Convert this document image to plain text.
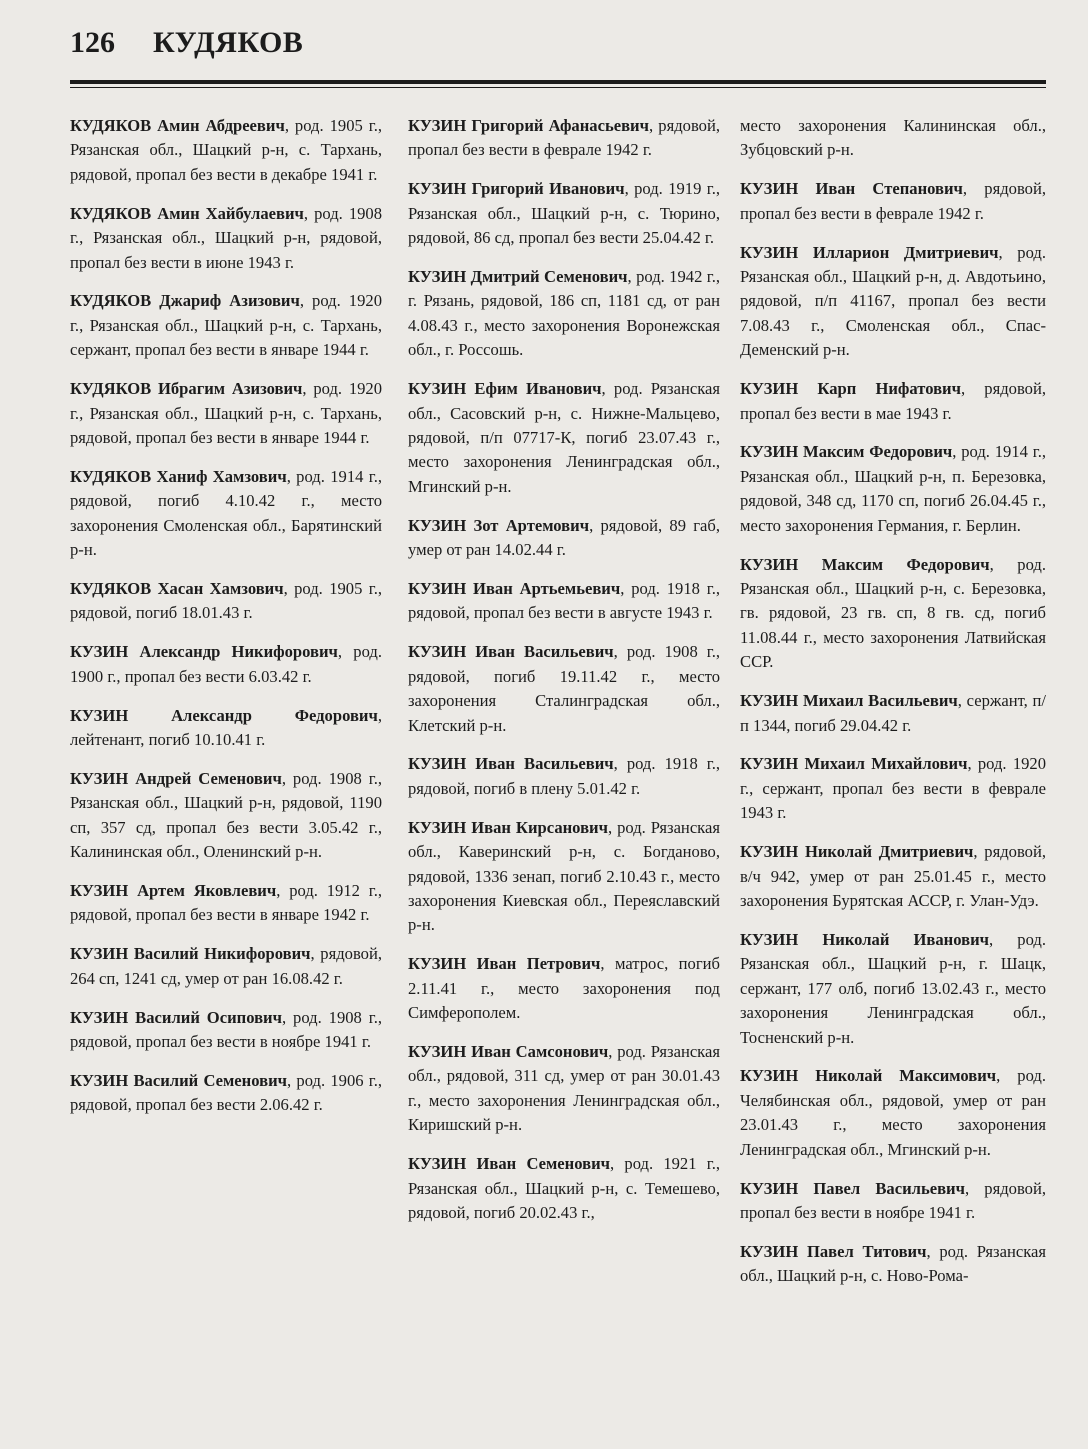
126 КУДЯКОВ

КУДЯКОВ Амин Абдреевич, род. 1905 г., Рязанская обл., Шацкий р-н, с. Тархань, рядовой, пропал без вести в декабре 1941 г.

КУДЯКОВ Амин Хайбулаевич, род. 1908 г., Рязанская обл., Шацкий р-н, рядовой, пропал без вести в июне 1943 г.

КУДЯКОВ Джариф Азизович, род. 1920 г., Рязанская обл., Шацкий р-н, с. Тархань, сержант, пропал без вести в январе 1944 г.

КУДЯКОВ Ибрагим Азизович, род. 1920 г., Рязанская обл., Шацкий р-н, с. Тархань, рядовой, пропал без вести в январе 1944 г.

КУДЯКОВ Ханиф Хамзович, род. 1914 г., рядовой, погиб 4.10.42 г., место захоронения Смоленская обл., Барятинский р-н.

КУДЯКОВ Хасан Хамзович, род. 1905 г., рядовой, погиб 18.01.43 г.

КУЗИН Александр Никифорович, род. 1900 г., пропал без вести 6.03.42 г.

КУЗИН Александр Федорович, лейтенант, погиб 10.10.41 г.

КУЗИН Андрей Семенович, род. 1908 г., Рязанская обл., Шацкий р-н, рядовой, 1190 сп, 357 сд, пропал без вести 3.05.42 г., Калининская обл., Оленинский р-н.

КУЗИН Артем Яковлевич, род. 1912 г., рядовой, пропал без вести в январе 1942 г.

КУЗИН Василий Никифорович, рядовой, 264 сп, 1241 сд, умер от ран 16.08.42 г.

КУЗИН Василий Осипович, род. 1908 г., рядовой, пропал без вести в ноябре 1941 г.

КУЗИН Василий Семенович, род. 1906 г., рядовой, пропал без вести 2.06.42 г.

КУЗИН Григорий Афанасьевич, рядовой, пропал без вести в феврале 1942 г.

КУЗИН Григорий Иванович, род. 1919 г., Рязанская обл., Шацкий р-н, с. Тюрино, рядовой, 86 сд, пропал без вести 25.04.42 г.

КУЗИН Дмитрий Семенович, род. 1942 г., г. Рязань, рядовой, 186 сп, 1181 сд, от ран 4.08.43 г., место захоронения Воронежская обл., г. Россошь.

КУЗИН Ефим Иванович, род. Рязанская обл., Сасовский р-н, с. Нижне-Мальцево, рядовой, п/п 07717-К, погиб 23.07.43 г., место захоронения Ленинградская обл., Мгинский р-н.

КУЗИН Зот Артемович, рядовой, 89 габ, умер от ран 14.02.44 г.

КУЗИН Иван Артьемьевич, род. 1918 г., рядовой, пропал без вести в августе 1943 г.

КУЗИН Иван Васильевич, род. 1908 г., рядовой, погиб 19.11.42 г., место захоронения Сталинградская обл., Клетский р-н.

КУЗИН Иван Васильевич, род. 1918 г., рядовой, погиб в плену 5.01.42 г.

КУЗИН Иван Кирсанович, род. Рязанская обл., Каверинский р-н, с. Богданово, рядовой, 1336 зенап, погиб 2.10.43 г., место захоронения Киевская обл., Переяславский р-н.

КУЗИН Иван Петрович, матрос, погиб 2.11.41 г., место захоронения под Симферополем.

КУЗИН Иван Самсонович, род. Рязанская обл., рядовой, 311 сд, умер от ран 30.01.43 г., место захоронения Ленинградская обл., Киришский р-н.

КУЗИН Иван Семенович, род. 1921 г., Рязанская обл., Шацкий р-н, с. Темешево, рядовой, погиб 20.02.43 г.,

место захоронения Калининская обл., Зубцовский р-н.

КУЗИН Иван Степанович, рядовой, пропал без вести в феврале 1942 г.

КУЗИН Илларион Дмитриевич, род. Рязанская обл., Шацкий р-н, д. Авдотьино, рядовой, п/п 41167, пропал без вести 7.08.43 г., Смоленская обл., Спас-Деменский р-н.

КУЗИН Карп Нифатович, рядовой, пропал без вести в мае 1943 г.

КУЗИН Максим Федорович, род. 1914 г., Рязанская обл., Шацкий р-н, п. Березовка, рядовой, 348 сд, 1170 сп, погиб 26.04.45 г., место захоронения Германия, г. Берлин.

КУЗИН Максим Федорович, род. Рязанская обл., Шацкий р-н, с. Березовка, гв. рядовой, 23 гв. сп, 8 гв. сд, погиб 11.08.44 г., место захоронения Латвийская ССР.

КУЗИН Михаил Васильевич, сержант, п/п 1344, погиб 29.04.42 г.

КУЗИН Михаил Михайлович, род. 1920 г., сержант, пропал без вести в феврале 1943 г.

КУЗИН Николай Дмитриевич, рядовой, в/ч 942, умер от ран 25.01.45 г., место захоронения Бурятская АССР, г. Улан-Удэ.

КУЗИН Николай Иванович, род. Рязанская обл., Шацкий р-н, г. Шацк, сержант, 177 олб, погиб 13.02.43 г., место захоронения Ленинградская обл., Тосненский р-н.

КУЗИН Николай Максимович, род. Челябинская обл., рядовой, умер от ран 23.01.43 г., место захоронения Ленинградская обл., Мгинский р-н.

КУЗИН Павел Васильевич, рядовой, пропал без вести в ноябре 1941 г.

КУЗИН Павел Титович, род. Рязанская обл., Шацкий р-н, с. Ново-Рома-
